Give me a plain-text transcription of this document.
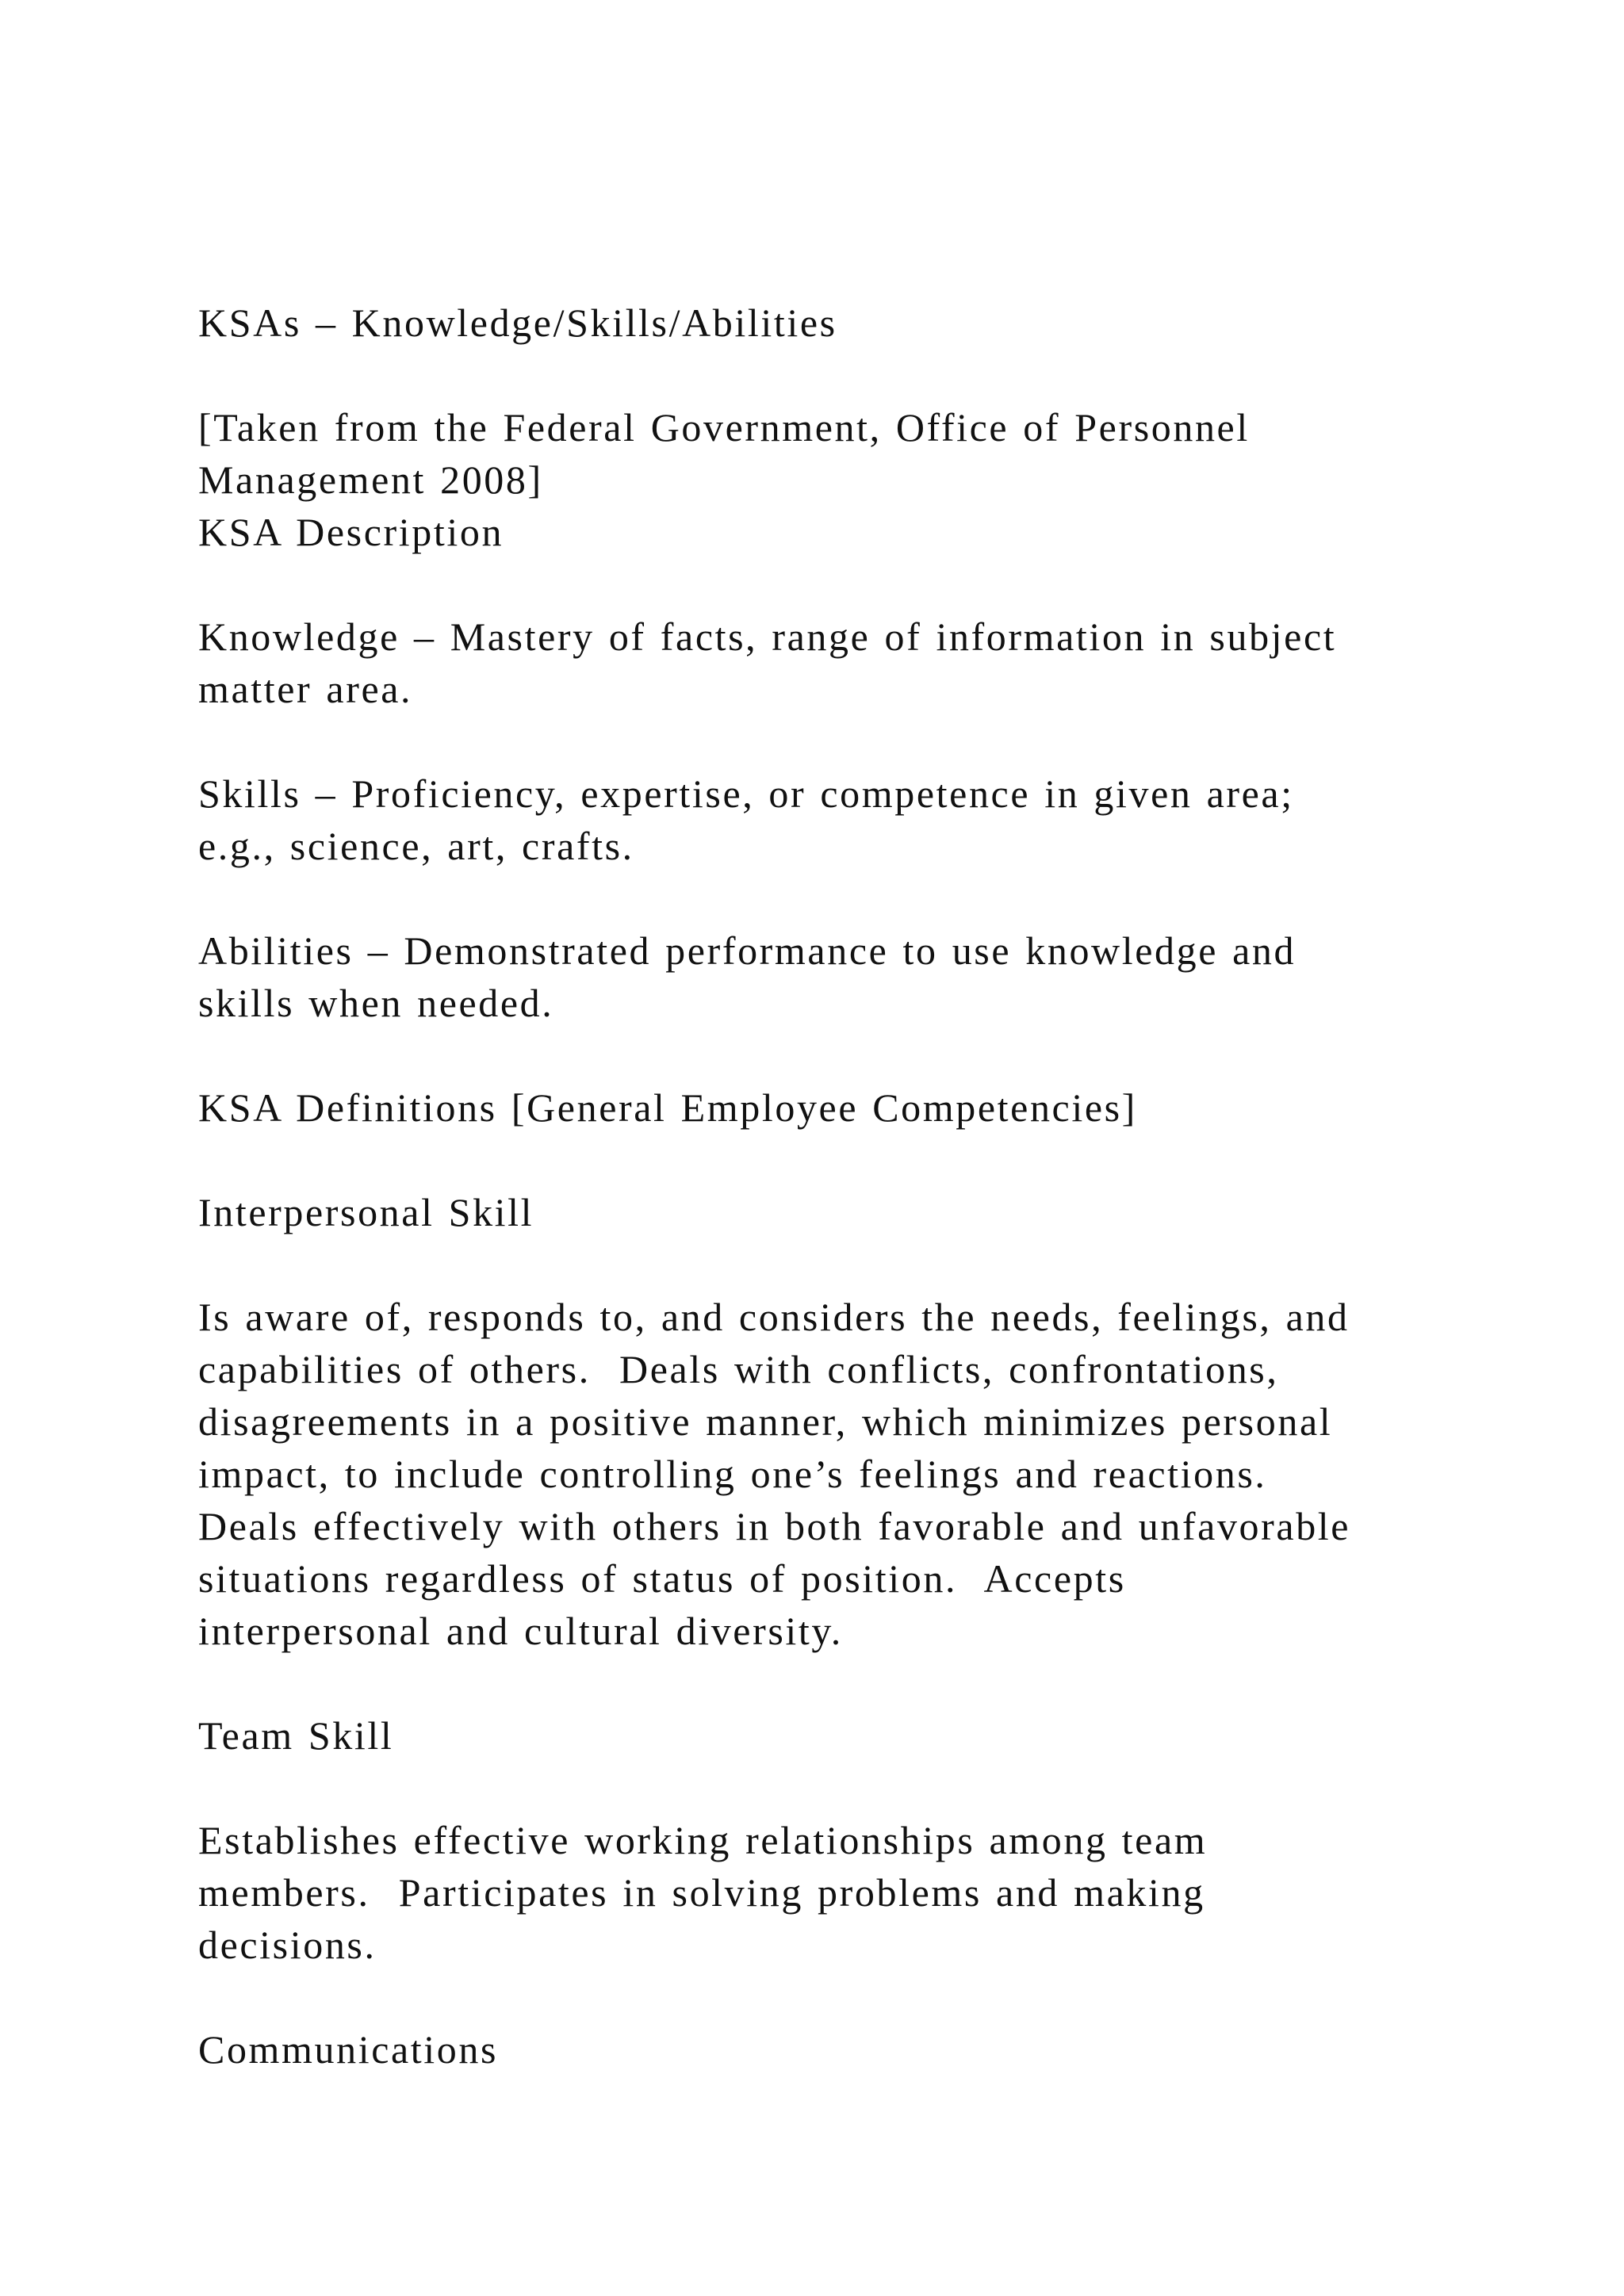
KSAs – Knowledge/Skills/Abilities

[Taken from the Federal Government, Office of Personnel

Management 2008]

KSA Description

Knowledge – Mastery of facts, range of information in subject

matter area.

Skills – Proficiency, expertise, or competence in given area;

e.g., science, art, crafts.

Abilities – Demonstrated performance to use knowledge and

skills when needed.

KSA Definitions [General Employee Competencies]

Interpersonal Skill

Is aware of, responds to, and considers the needs, feelings, and

capabilities of others.  Deals with conflicts, confrontations,

disagreements in a positive manner, which minimizes personal

impact, to include controlling one’s feelings and reactions.

Deals effectively with others in both favorable and unfavorable

situations regardless of status of position.  Accepts

interpersonal and cultural diversity.

Team Skill

Establishes effective working relationships among team

members.  Participates in solving problems and making

decisions.

Communications
